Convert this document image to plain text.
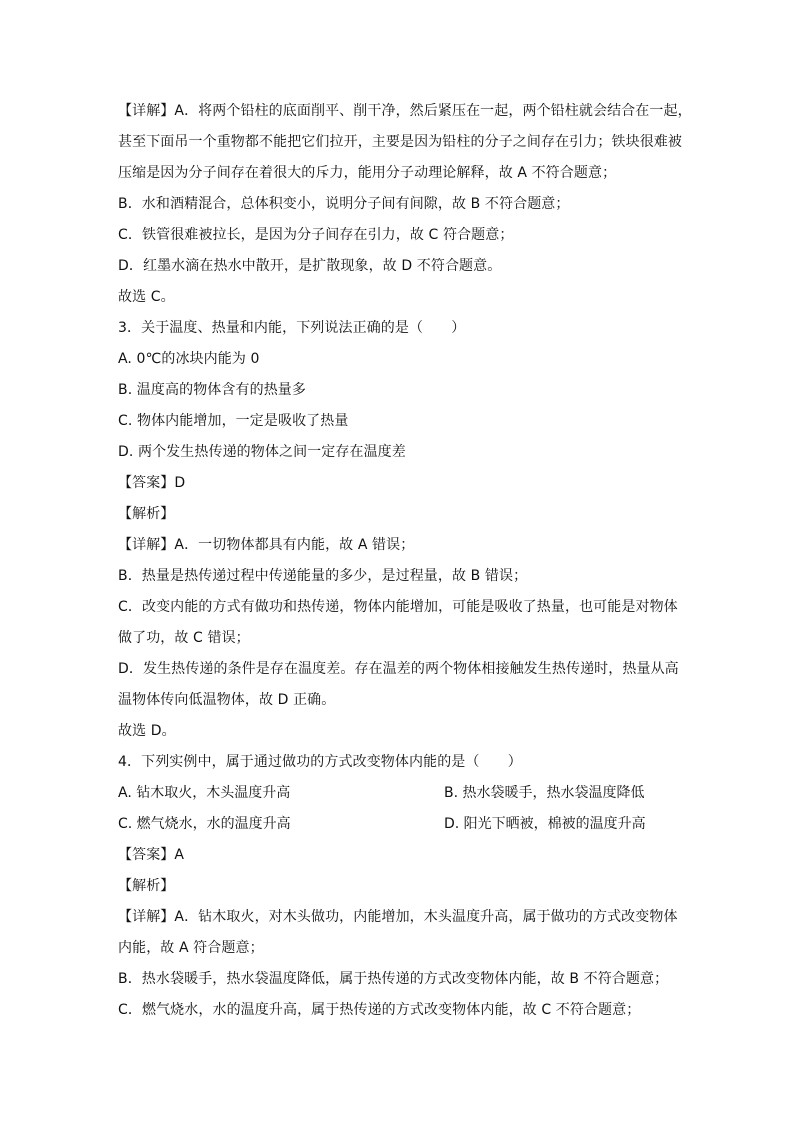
【详解】A．将两个铅柱的底面削平、削干净，然后紧压在一起，两个铅柱就会结合在一起，
甚至下面吊一个重物都不能把它们拉开，主要是因为铅柱的分子之间存在引力；铁块很难被
压缩是因为分子间存在着很大的斥力，能用分子动理论解释，故 A 不符合题意；
B．水和酒精混合，总体积变小，说明分子间有间隙，故 B 不符合题意；
C．铁管很难被拉长，是因为分子间存在引力，故 C 符合题意；
D．红墨水滴在热水中散开，是扩散现象，故 D 不符合题意。
故选 C。
3．关于温度、热量和内能，下列说法正确的是（　　）
A. 0℃的冰块内能为 0
B. 温度高的物体含有的热量多
C. 物体内能增加，一定是吸收了热量
D. 两个发生热传递的物体之间一定存在温度差
【答案】D
【解析】
【详解】A．一切物体都具有内能，故 A 错误；
B．热量是热传递过程中传递能量的多少，是过程量，故 B 错误；
C．改变内能的方式有做功和热传递，物体内能增加，可能是吸收了热量，也可能是对物体
做了功，故 C 错误；
D．发生热传递的条件是存在温度差。存在温差的两个物体相接触发生热传递时，热量从高
温物体传向低温物体，故 D 正确。
故选 D。
4．下列实例中，属于通过做功的方式改变物体内能的是（　　）
A. 钻木取火，木头温度升高	B. 热水袋暖手，热水袋温度降低
C. 燃气烧水，水的温度升高	D. 阳光下晒被，棉被的温度升高
【答案】A
【解析】
【详解】A．钻木取火，对木头做功，内能增加，木头温度升高，属于做功的方式改变物体
内能，故 A 符合题意；
B．热水袋暖手，热水袋温度降低，属于热传递的方式改变物体内能，故 B 不符合题意；
C．燃气烧水，水的温度升高，属于热传递的方式改变物体内能，故 C 不符合题意；
